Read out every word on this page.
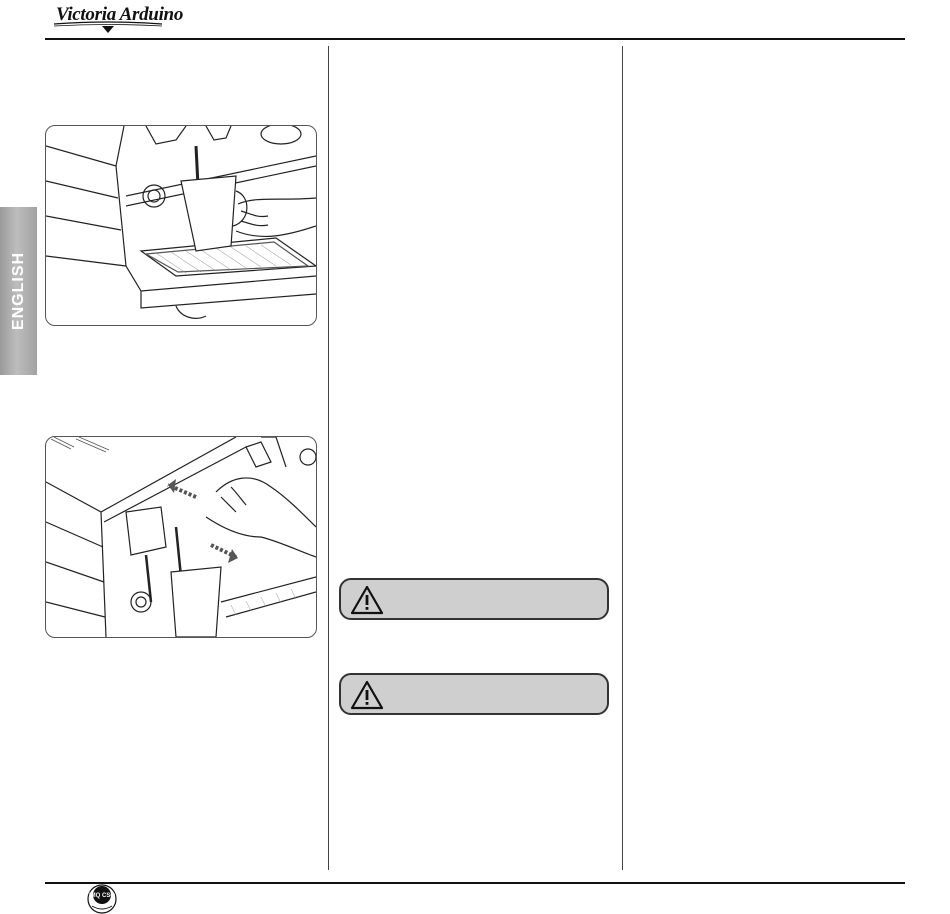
Victoria Arduino
ENGLISH
IMQ CSQ
